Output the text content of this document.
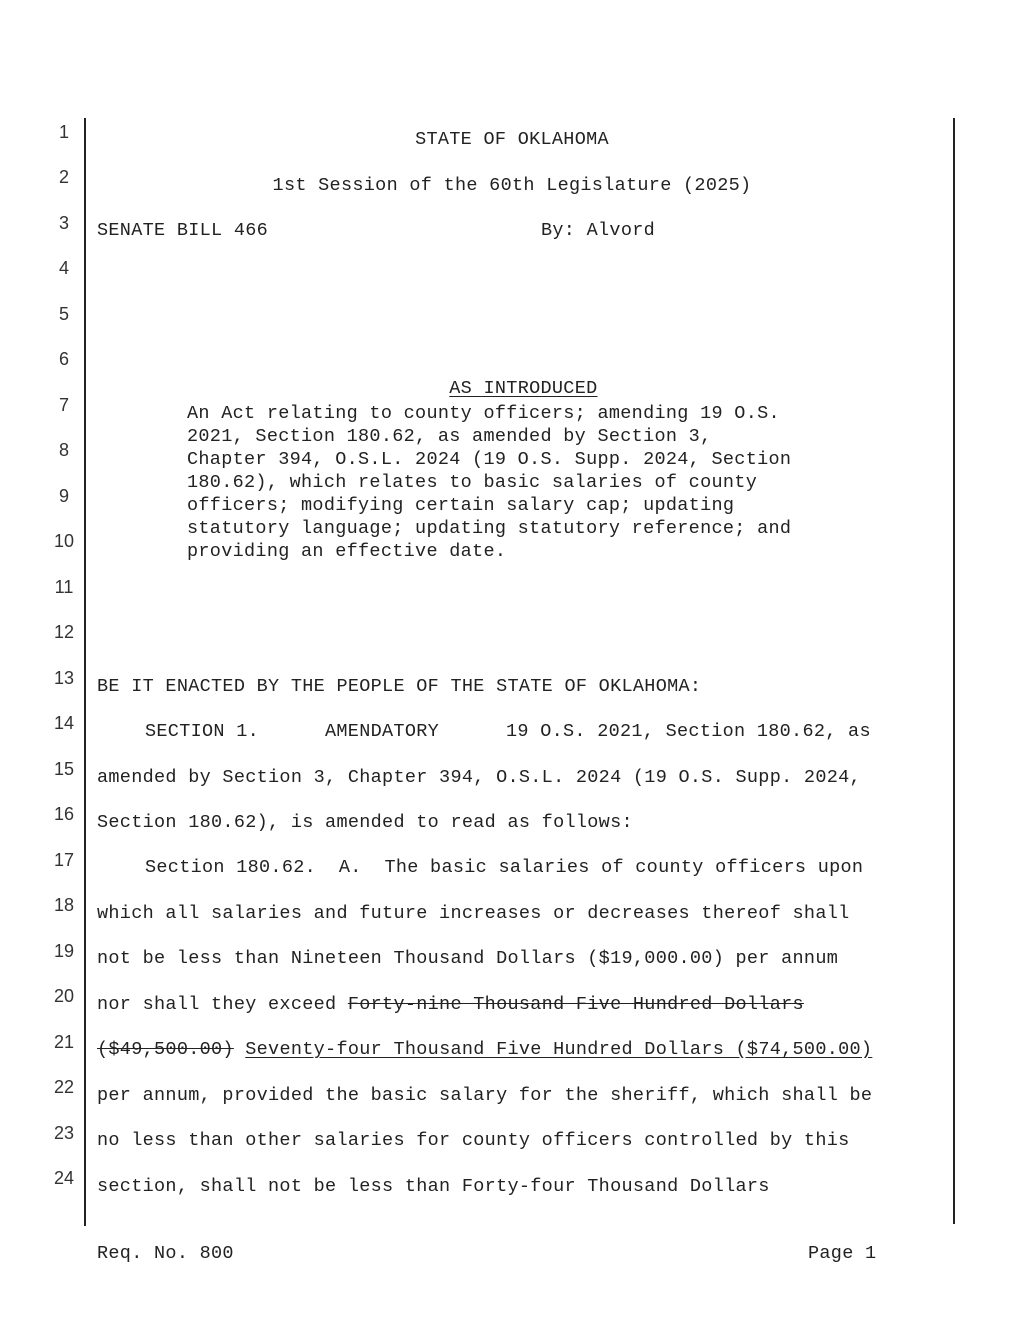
1
2
3
4
5
6
7
8
9
10
11
12
13
14
15
16
17
18
19
20
21
22
23
24
STATE OF OKLAHOMA
1st Session of the 60th Legislature (2025)
SENATE BILL 466	By: Alvord

AS INTRODUCED

An Act relating to county officers; amending 19 O.S.
2021, Section 180.62, as amended by Section 3,
Chapter 394, O.S.L. 2024 (19 O.S. Supp. 2024, Section
180.62), which relates to basic salaries of county
officers; modifying certain salary cap; updating
statutory language; updating statutory reference; and
providing an effective date.
BE IT ENACTED BY THE PEOPLE OF THE STATE OF OKLAHOMA:
SECTION 1.	AMENDATORY	19 O.S. 2021, Section 180.62, as
amended by Section 3, Chapter 394, O.S.L. 2024 (19 O.S. Supp. 2024,
Section 180.62), is amended to read as follows:
Section 180.62.  A.  The basic salaries of county officers upon
which all salaries and future increases or decreases thereof shall
not be less than Nineteen Thousand Dollars ($19,000.00) per annum
nor shall they exceed Forty-nine Thousand Five Hundred Dollars
($49,500.00) Seventy-four Thousand Five Hundred Dollars ($74,500.00)
per annum, provided the basic salary for the sheriff, which shall be
no less than other salaries for county officers controlled by this
section, shall not be less than Forty-four Thousand Dollars
Req. No. 800	Page 1
